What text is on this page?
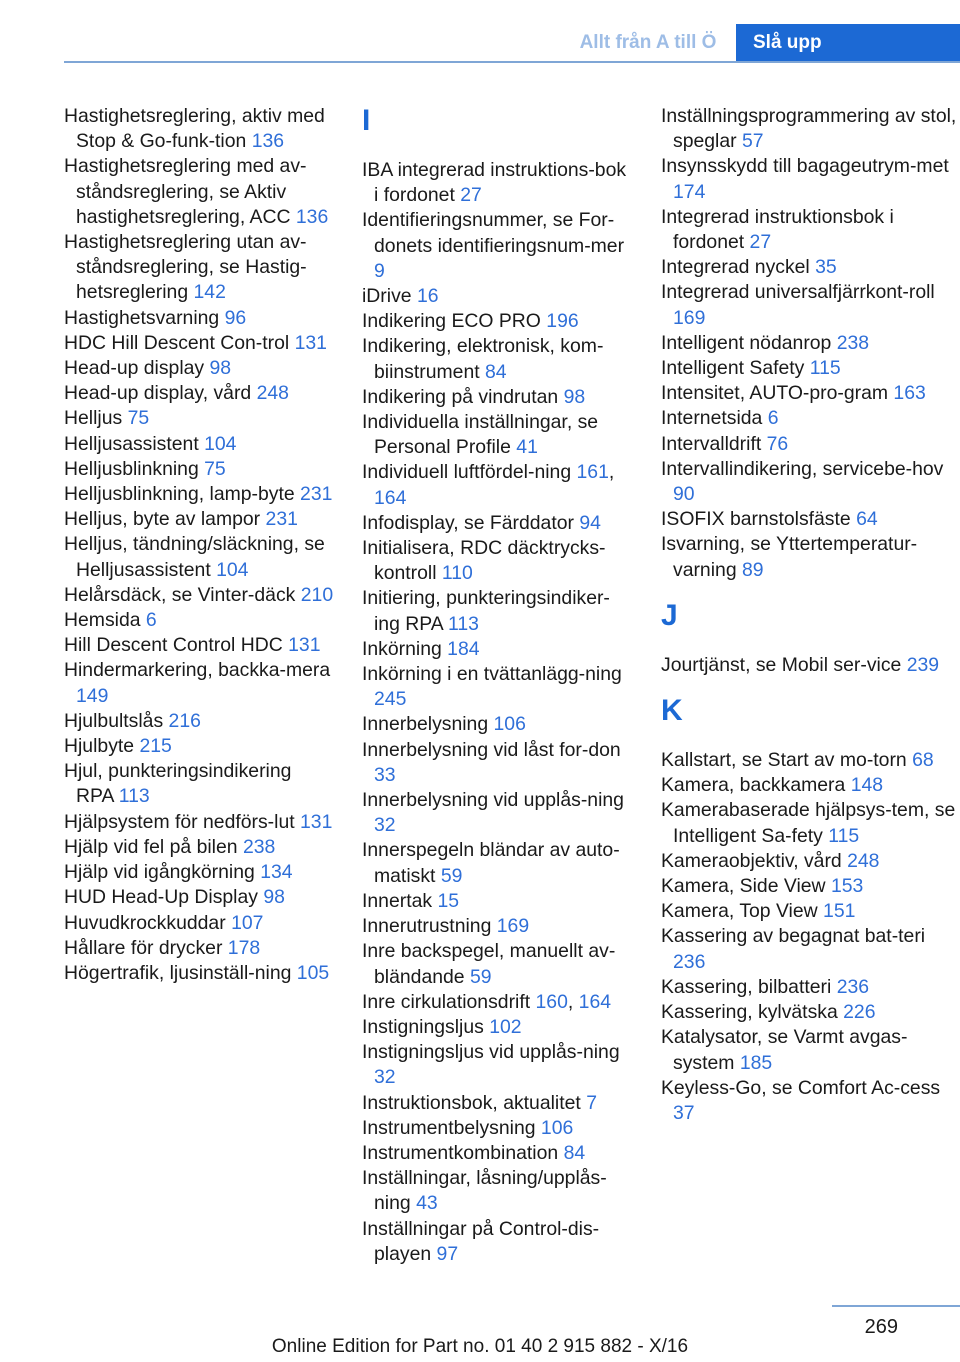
Allt från A till Ö	Slå upp
Hastighetsreglering, aktiv med Stop & Go-funk-tion 136
Hastighetsreglering med av-ståndsreglering, se Aktiv hastighetsreglering, ACC 136
Hastighetsreglering utan av-ståndsreglering, se Hastig-hetsreglering 142
Hastighetsvarning 96
HDC Hill Descent Con-trol 131
Head-up display 98
Head-up display, vård 248
Helljus 75
Helljusassistent 104
Helljusblinkning 75
Helljusblinkning, lamp-byte 231
Helljus, byte av lampor 231
Helljus, tändning/släckning, se Helljusassistent 104
Helårsdäck, se Vinter-däck 210
Hemsida 6
Hill Descent Control HDC 131
Hindermarkering, backka-mera 149
Hjulbultslås 216
Hjulbyte 215
Hjul, punkteringsindikering RPA 113
Hjälpsystem för nedförs-lut 131
Hjälp vid fel på bilen 238
Hjälp vid igångkörning 134
HUD Head-Up Display 98
Huvudkrockkuddar 107
Hållare för drycker 178
Högertrafik, ljusinställ-ning 105
I
IBA integrerad instruktions-bok i fordonet 27
Identifieringsnummer, se For-donets identifieringsnum-mer 9
iDrive 16
Indikering ECO PRO 196
Indikering, elektronisk, kom-biinstrument 84
Indikering på vindrutan 98
Individuella inställningar, se Personal Profile 41
Individuell luftfördel-ning 161, 164
Infodisplay, se Färddator 94
Initialisera, RDC däcktrycks-kontroll 110
Initiering, punkteringsindiker-ing RPA 113
Inkörning 184
Inkörning i en tvättanlägg-ning 245
Innerbelysning 106
Innerbelysning vid låst for-don 33
Innerbelysning vid upplås-ning 32
Innerspegeln bländar av auto-matiskt 59
Innertak 15
Innerutrustning 169
Inre backspegel, manuellt av-bländande 59
Inre cirkulationsdrift 160, 164
Instigningsljus 102
Instigningsljus vid upplås-ning 32
Instruktionsbok, aktualitet 7
Instrumentbelysning 106
Instrumentkombination 84
Inställningar, låsning/upplås-ning 43
Inställningar på Control-dis-playen 97
Inställningsprogrammering av stol, speglar 57
Insynsskydd till bagageutrym-met 174
Integrerad instruktionsbok i fordonet 27
Integrerad nyckel 35
Integrerad universalfjärrkont-roll 169
Intelligent nödanrop 238
Intelligent Safety 115
Intensitet, AUTO-pro-gram 163
Internetsida 6
Intervalldrift 76
Intervallindikering, servicebe-hov 90
ISOFIX barnstolsfäste 64
Isvarning, se Yttertemperatur-varning 89
J
Jourtjänst, se Mobil ser-vice 239
K
Kallstart, se Start av mo-torn 68
Kamera, backkamera 148
Kamerabaserade hjälpsys-tem, se Intelligent Sa-fety 115
Kameraobjektiv, vård 248
Kamera, Side View 153
Kamera, Top View 151
Kassering av begagnat bat-teri 236
Kassering, bilbatteri 236
Kassering, kylvätska 226
Katalysator, se Varmt avgas-system 185
Keyless-Go, se Comfort Ac-cess 37
269
Online Edition for Part no. 01 40 2 915 882 - X/16
